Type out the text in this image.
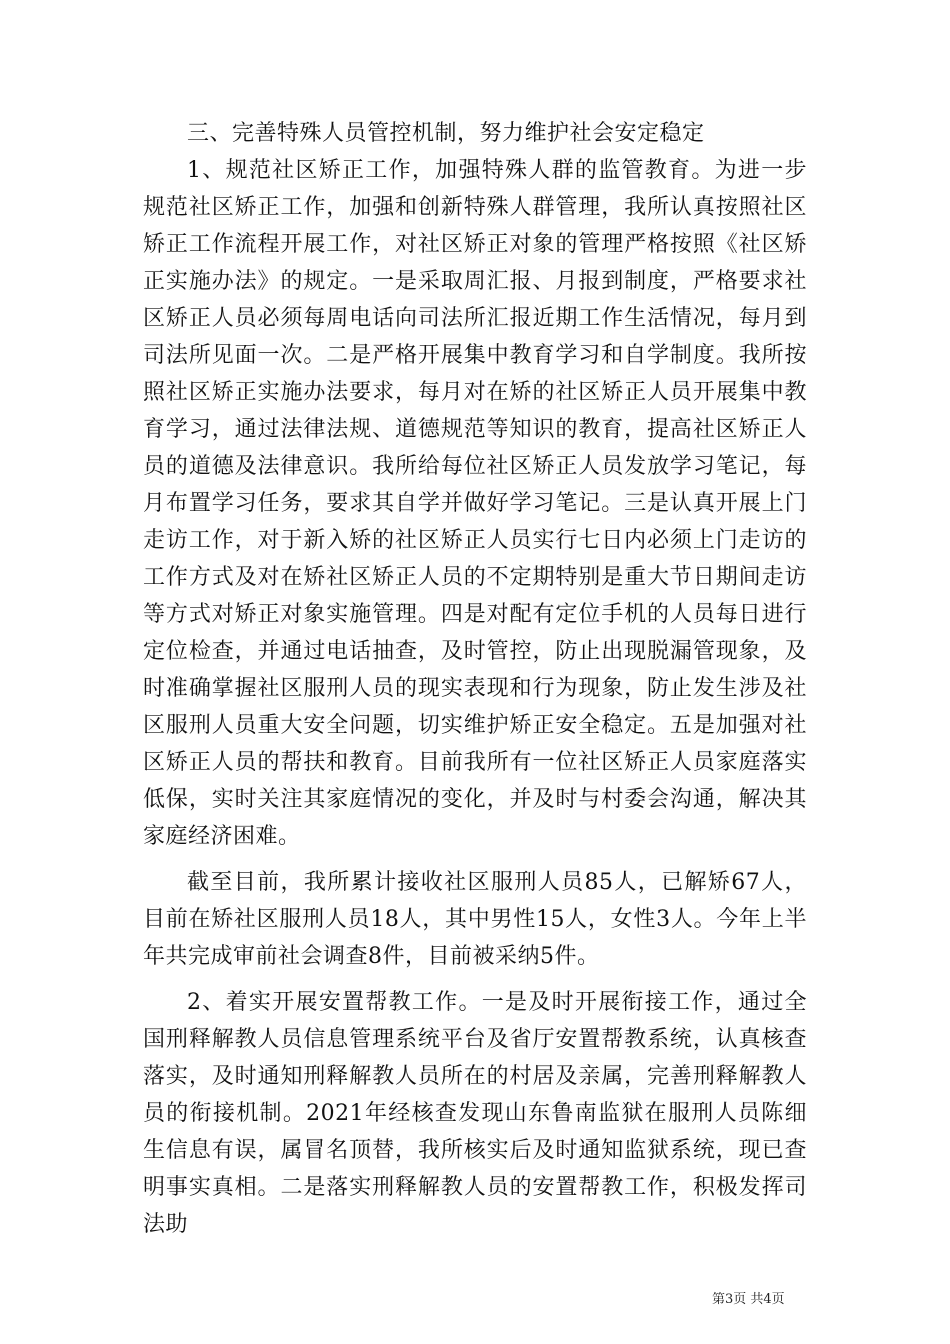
三、完善特殊人员管控机制，努力维护社会安定稳定

1、规范社区矫正工作，加强特殊人群的监管教育。为进一步规范社区矫正工作，加强和创新特殊人群管理，我所认真按照社区矫正工作流程开展工作，对社区矫正对象的管理严格按照《社区矫正实施办法》的规定。一是采取周汇报、月报到制度，严格要求社区矫正人员必须每周电话向司法所汇报近期工作生活情况，每月到司法所见面一次。二是严格开展集中教育学习和自学制度。我所按照社区矫正实施办法要求，每月对在矫的社区矫正人员开展集中教育学习，通过法律法规、道德规范等知识的教育，提高社区矫正人员的道德及法律意识。我所给每位社区矫正人员发放学习笔记，每月布置学习任务，要求其自学并做好学习笔记。三是认真开展上门走访工作，对于新入矫的社区矫正人员实行七日内必须上门走访的工作方式及对在矫社区矫正人员的不定期特别是重大节日期间走访等方式对矫正对象实施管理。四是对配有定位手机的人员每日进行定位检查，并通过电话抽查，及时管控，防止出现脱漏管现象，及时准确掌握社区服刑人员的现实表现和行为现象，防止发生涉及社区服刑人员重大安全问题，切实维护矫正安全稳定。五是加强对社区矫正人员的帮扶和教育。目前我所有一位社区矫正人员家庭落实低保，实时关注其家庭情况的变化，并及时与村委会沟通，解决其家庭经济困难。

截至目前，我所累计接收社区服刑人员85人，已解矫67人，目前在矫社区服刑人员18人，其中男性15人，女性3人。今年上半年共完成审前社会调查8件，目前被采纳5件。

2、着实开展安置帮教工作。一是及时开展衔接工作，通过全国刑释解教人员信息管理系统平台及省厅安置帮教系统，认真核查落实，及时通知刑释解教人员所在的村居及亲属，完善刑释解教人员的衔接机制。2021年经核查发现山东鲁南监狱在服刑人员陈细生信息有误，属冒名顶替，我所核实后及时通知监狱系统，现已查明事实真相。二是落实刑释解教人员的安置帮教工作，积极发挥司法助

第3页 共4页
